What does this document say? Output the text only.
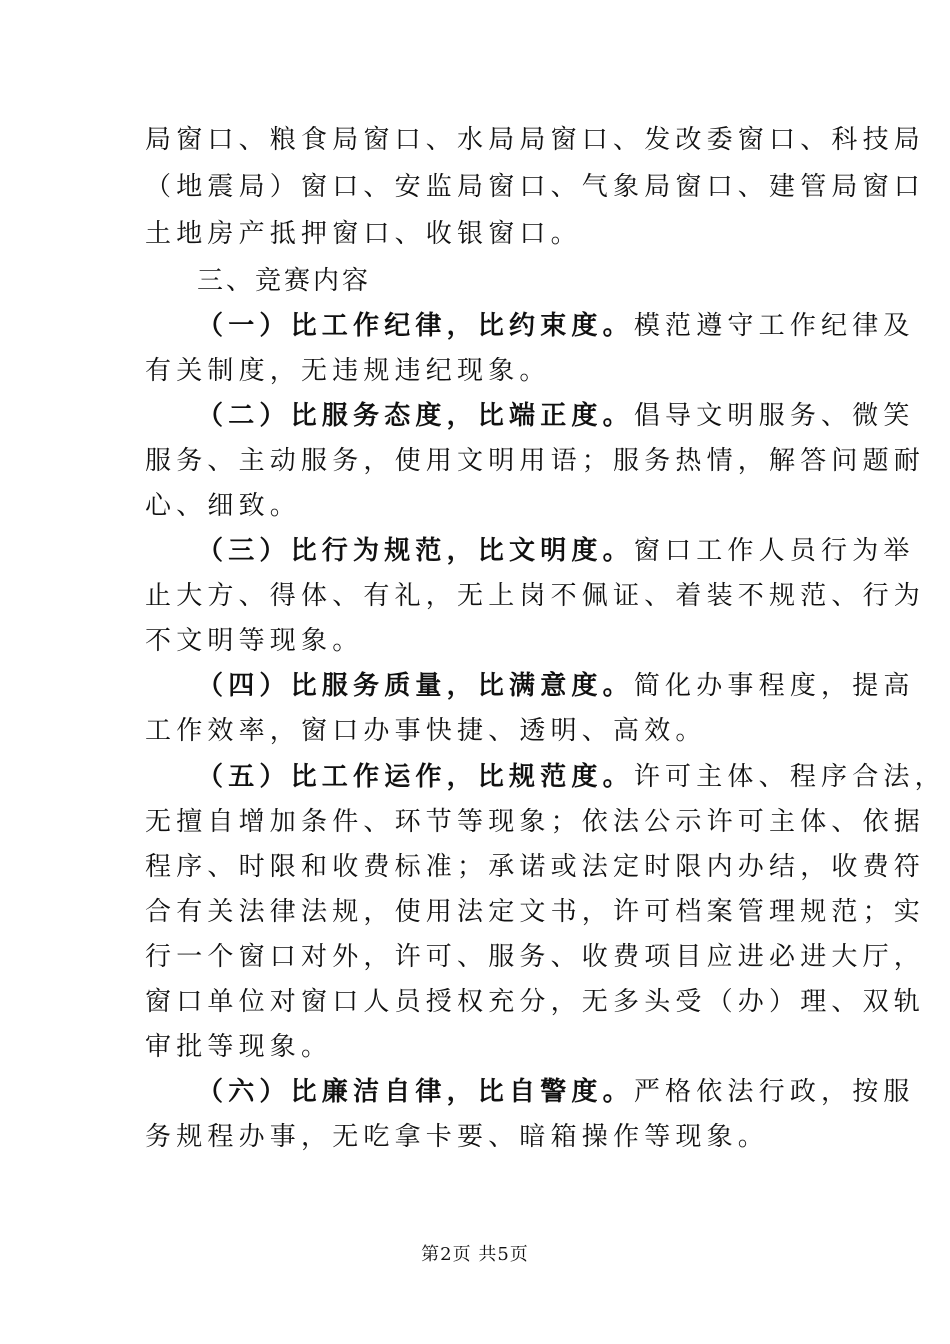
局窗口、粮食局窗口、水局局窗口、发改委窗口、科技局
（地震局）窗口、安监局窗口、气象局窗口、建管局窗口
土地房产抵押窗口、收银窗口。
三、竞赛内容
（一）比工作纪律，比约束度。模范遵守工作纪律及
有关制度，无违规违纪现象。
（二）比服务态度，比端正度。倡导文明服务、微笑
服务、主动服务，使用文明用语；服务热情，解答问题耐
心、细致。
（三）比行为规范，比文明度。窗口工作人员行为举
止大方、得体、有礼，无上岗不佩证、着装不规范、行为
不文明等现象。
（四）比服务质量，比满意度。简化办事程度，提高
工作效率，窗口办事快捷、透明、高效。
（五）比工作运作，比规范度。许可主体、程序合法，
无擅自增加条件、环节等现象；依法公示许可主体、依据
程序、时限和收费标准；承诺或法定时限内办结，收费符
合有关法律法规，使用法定文书，许可档案管理规范；实
行一个窗口对外，许可、服务、收费项目应进必进大厅，
窗口单位对窗口人员授权充分，无多头受（办）理、双轨
审批等现象。
（六）比廉洁自律，比自警度。严格依法行政，按服
务规程办事，无吃拿卡要、暗箱操作等现象。
第2页 共5页
